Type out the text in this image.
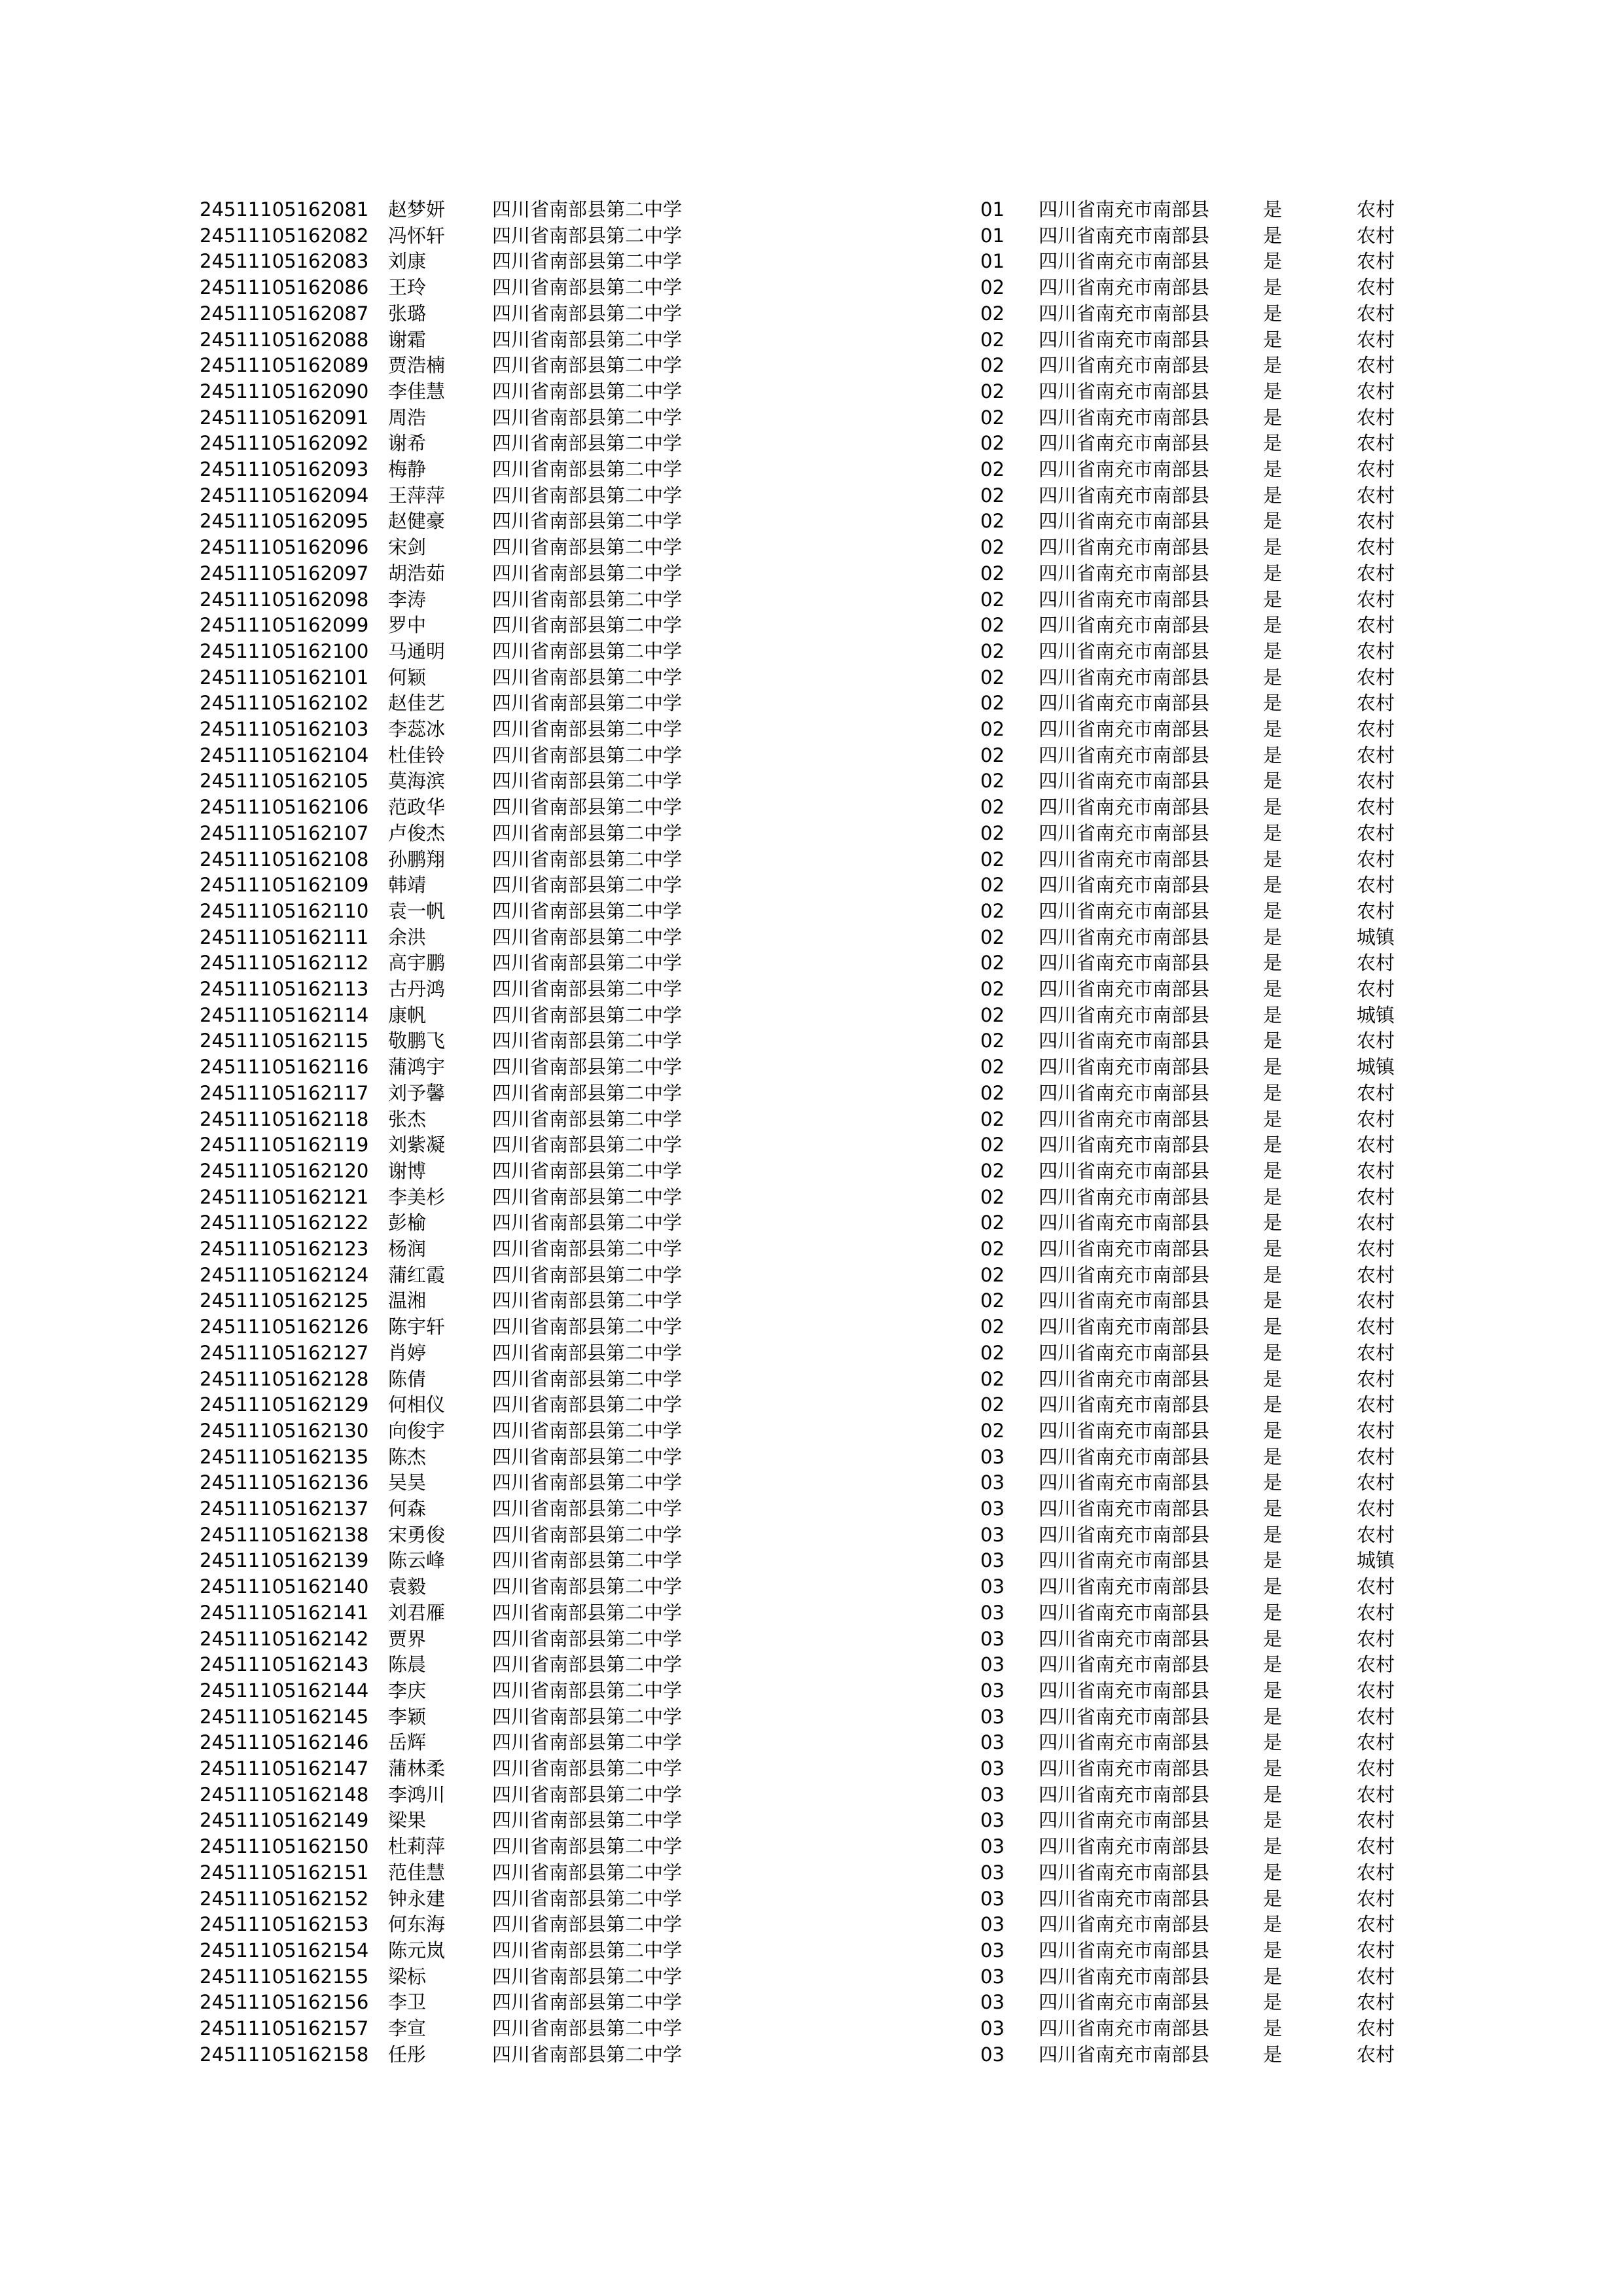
24511105162081 赵梦妍 四川省南部县第二中学	01 四川省南充市南部县	是	农村
24511105162082 冯怀轩 四川省南部县第二中学	01 四川省南充市南部县	是	农村
24511105162083 刘康	四川省南部县第二中学	01 四川省南充市南部县	是	农村
24511105162086 王玲	四川省南部县第二中学	02 四川省南充市南部县	是	农村
24511105162087 张璐	四川省南部县第二中学	02 四川省南充市南部县	是	农村
24511105162088 谢霜	四川省南部县第二中学	02 四川省南充市南部县	是	农村
24511105162089 贾浩楠 四川省南部县第二中学	02 四川省南充市南部县	是	农村
24511105162090 李佳慧 四川省南部县第二中学	02 四川省南充市南部县	是	农村
24511105162091 周浩	四川省南部县第二中学	02 四川省南充市南部县	是	农村
24511105162092 谢希	四川省南部县第二中学	02 四川省南充市南部县	是	农村
24511105162093 梅静	四川省南部县第二中学	02 四川省南充市南部县	是	农村
24511105162094 王萍萍 四川省南部县第二中学	02 四川省南充市南部县	是	农村
24511105162095 赵健豪 四川省南部县第二中学	02 四川省南充市南部县	是	农村
24511105162096 宋剑	四川省南部县第二中学	02 四川省南充市南部县	是	农村
24511105162097 胡浩茹 四川省南部县第二中学	02 四川省南充市南部县	是	农村
24511105162098 李涛	四川省南部县第二中学	02 四川省南充市南部县	是	农村
24511105162099 罗中	四川省南部县第二中学	02 四川省南充市南部县	是	农村
24511105162100 马通明 四川省南部县第二中学	02 四川省南充市南部县	是	农村
24511105162101 何颖	四川省南部县第二中学	02 四川省南充市南部县	是	农村
24511105162102 赵佳艺 四川省南部县第二中学	02 四川省南充市南部县	是	农村
24511105162103 李蕊冰 四川省南部县第二中学	02 四川省南充市南部县	是	农村
24511105162104 杜佳铃 四川省南部县第二中学	02 四川省南充市南部县	是	农村
24511105162105 莫海滨 四川省南部县第二中学	02 四川省南充市南部县	是	农村
24511105162106 范政华 四川省南部县第二中学	02 四川省南充市南部县	是	农村
24511105162107 卢俊杰 四川省南部县第二中学	02 四川省南充市南部县	是	农村
24511105162108 孙鹏翔 四川省南部县第二中学	02 四川省南充市南部县	是	农村
24511105162109 韩靖	四川省南部县第二中学	02 四川省南充市南部县	是	农村
24511105162110 袁一帆 四川省南部县第二中学	02 四川省南充市南部县	是	农村
24511105162111 余洪	四川省南部县第二中学	02 四川省南充市南部县	是	城镇
24511105162112 高宇鹏 四川省南部县第二中学	02 四川省南充市南部县	是	农村
24511105162113 古丹鸿 四川省南部县第二中学	02 四川省南充市南部县	是	农村
24511105162114 康帆	四川省南部县第二中学	02 四川省南充市南部县	是	城镇
24511105162115 敬鹏飞 四川省南部县第二中学	02 四川省南充市南部县	是	农村
24511105162116 蒲鸿宇 四川省南部县第二中学	02 四川省南充市南部县	是	城镇
24511105162117 刘予馨 四川省南部县第二中学	02 四川省南充市南部县	是	农村
24511105162118 张杰	四川省南部县第二中学	02 四川省南充市南部县	是	农村
24511105162119 刘紫凝 四川省南部县第二中学	02 四川省南充市南部县	是	农村
24511105162120 谢博	四川省南部县第二中学	02 四川省南充市南部县	是	农村
24511105162121 李美杉 四川省南部县第二中学	02 四川省南充市南部县	是	农村
24511105162122 彭榆	四川省南部县第二中学	02 四川省南充市南部县	是	农村
24511105162123 杨润	四川省南部县第二中学	02 四川省南充市南部县	是	农村
24511105162124 蒲红霞 四川省南部县第二中学	02 四川省南充市南部县	是	农村
24511105162125 温湘	四川省南部县第二中学	02 四川省南充市南部县	是	农村
24511105162126 陈宇轩 四川省南部县第二中学	02 四川省南充市南部县	是	农村
24511105162127 肖婷	四川省南部县第二中学	02 四川省南充市南部县	是	农村
24511105162128 陈倩	四川省南部县第二中学	02 四川省南充市南部县	是	农村
24511105162129 何相仪 四川省南部县第二中学	02 四川省南充市南部县	是	农村
24511105162130 向俊宇 四川省南部县第二中学	02 四川省南充市南部县	是	农村
24511105162135 陈杰	四川省南部县第二中学	03 四川省南充市南部县	是	农村
24511105162136 吴昊	四川省南部县第二中学	03 四川省南充市南部县	是	农村
24511105162137 何森	四川省南部县第二中学	03 四川省南充市南部县	是	农村
24511105162138 宋勇俊 四川省南部县第二中学	03 四川省南充市南部县	是	农村
24511105162139 陈云峰 四川省南部县第二中学	03 四川省南充市南部县	是	城镇
24511105162140 袁毅	四川省南部县第二中学	03 四川省南充市南部县	是	农村
24511105162141 刘君雁 四川省南部县第二中学	03 四川省南充市南部县	是	农村
24511105162142 贾界	四川省南部县第二中学	03 四川省南充市南部县	是	农村
24511105162143 陈晨	四川省南部县第二中学	03 四川省南充市南部县	是	农村
24511105162144 李庆	四川省南部县第二中学	03 四川省南充市南部县	是	农村
24511105162145 李颖	四川省南部县第二中学	03 四川省南充市南部县	是	农村
24511105162146 岳辉	四川省南部县第二中学	03 四川省南充市南部县	是	农村
24511105162147 蒲林柔 四川省南部县第二中学	03 四川省南充市南部县	是	农村
24511105162148 李鸿川 四川省南部县第二中学	03 四川省南充市南部县	是	农村
24511105162149 梁果	四川省南部县第二中学	03 四川省南充市南部县	是	农村
24511105162150 杜莉萍 四川省南部县第二中学	03 四川省南充市南部县	是	农村
24511105162151 范佳慧 四川省南部县第二中学	03 四川省南充市南部县	是	农村
24511105162152 钟永建 四川省南部县第二中学	03 四川省南充市南部县	是	农村
24511105162153 何东海 四川省南部县第二中学	03 四川省南充市南部县	是	农村
24511105162154 陈元岚 四川省南部县第二中学	03 四川省南充市南部县	是	农村
24511105162155 梁标	四川省南部县第二中学	03 四川省南充市南部县	是	农村
24511105162156 李卫	四川省南部县第二中学	03 四川省南充市南部县	是	农村
24511105162157 李宣	四川省南部县第二中学	03 四川省南充市南部县	是	农村
24511105162158 任彤	四川省南部县第二中学	03 四川省南充市南部县	是	农村
